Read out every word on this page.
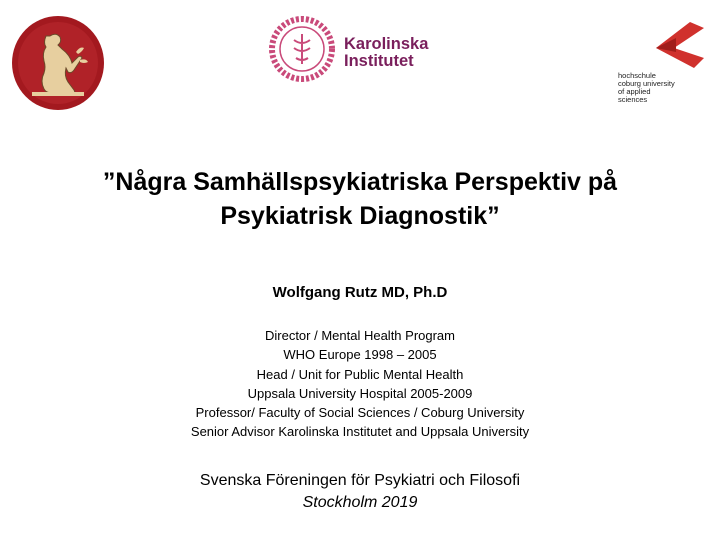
Karolinska
Institutet
hochschule
coburg university
of applied
sciences
”Några Samhällspsykiatriska Perspektiv på
Psykiatrisk Diagnostik”
Wolfgang Rutz MD, Ph.D
Director / Mental Health Program
WHO Europe 1998 – 2005
Head / Unit for Public Mental Health
Uppsala University Hospital 2005-2009
Professor/ Faculty of Social Sciences / Coburg University
Senior Advisor Karolinska Institutet and Uppsala University
Svenska Föreningen för Psykiatri och Filosofi
Stockholm 2019
